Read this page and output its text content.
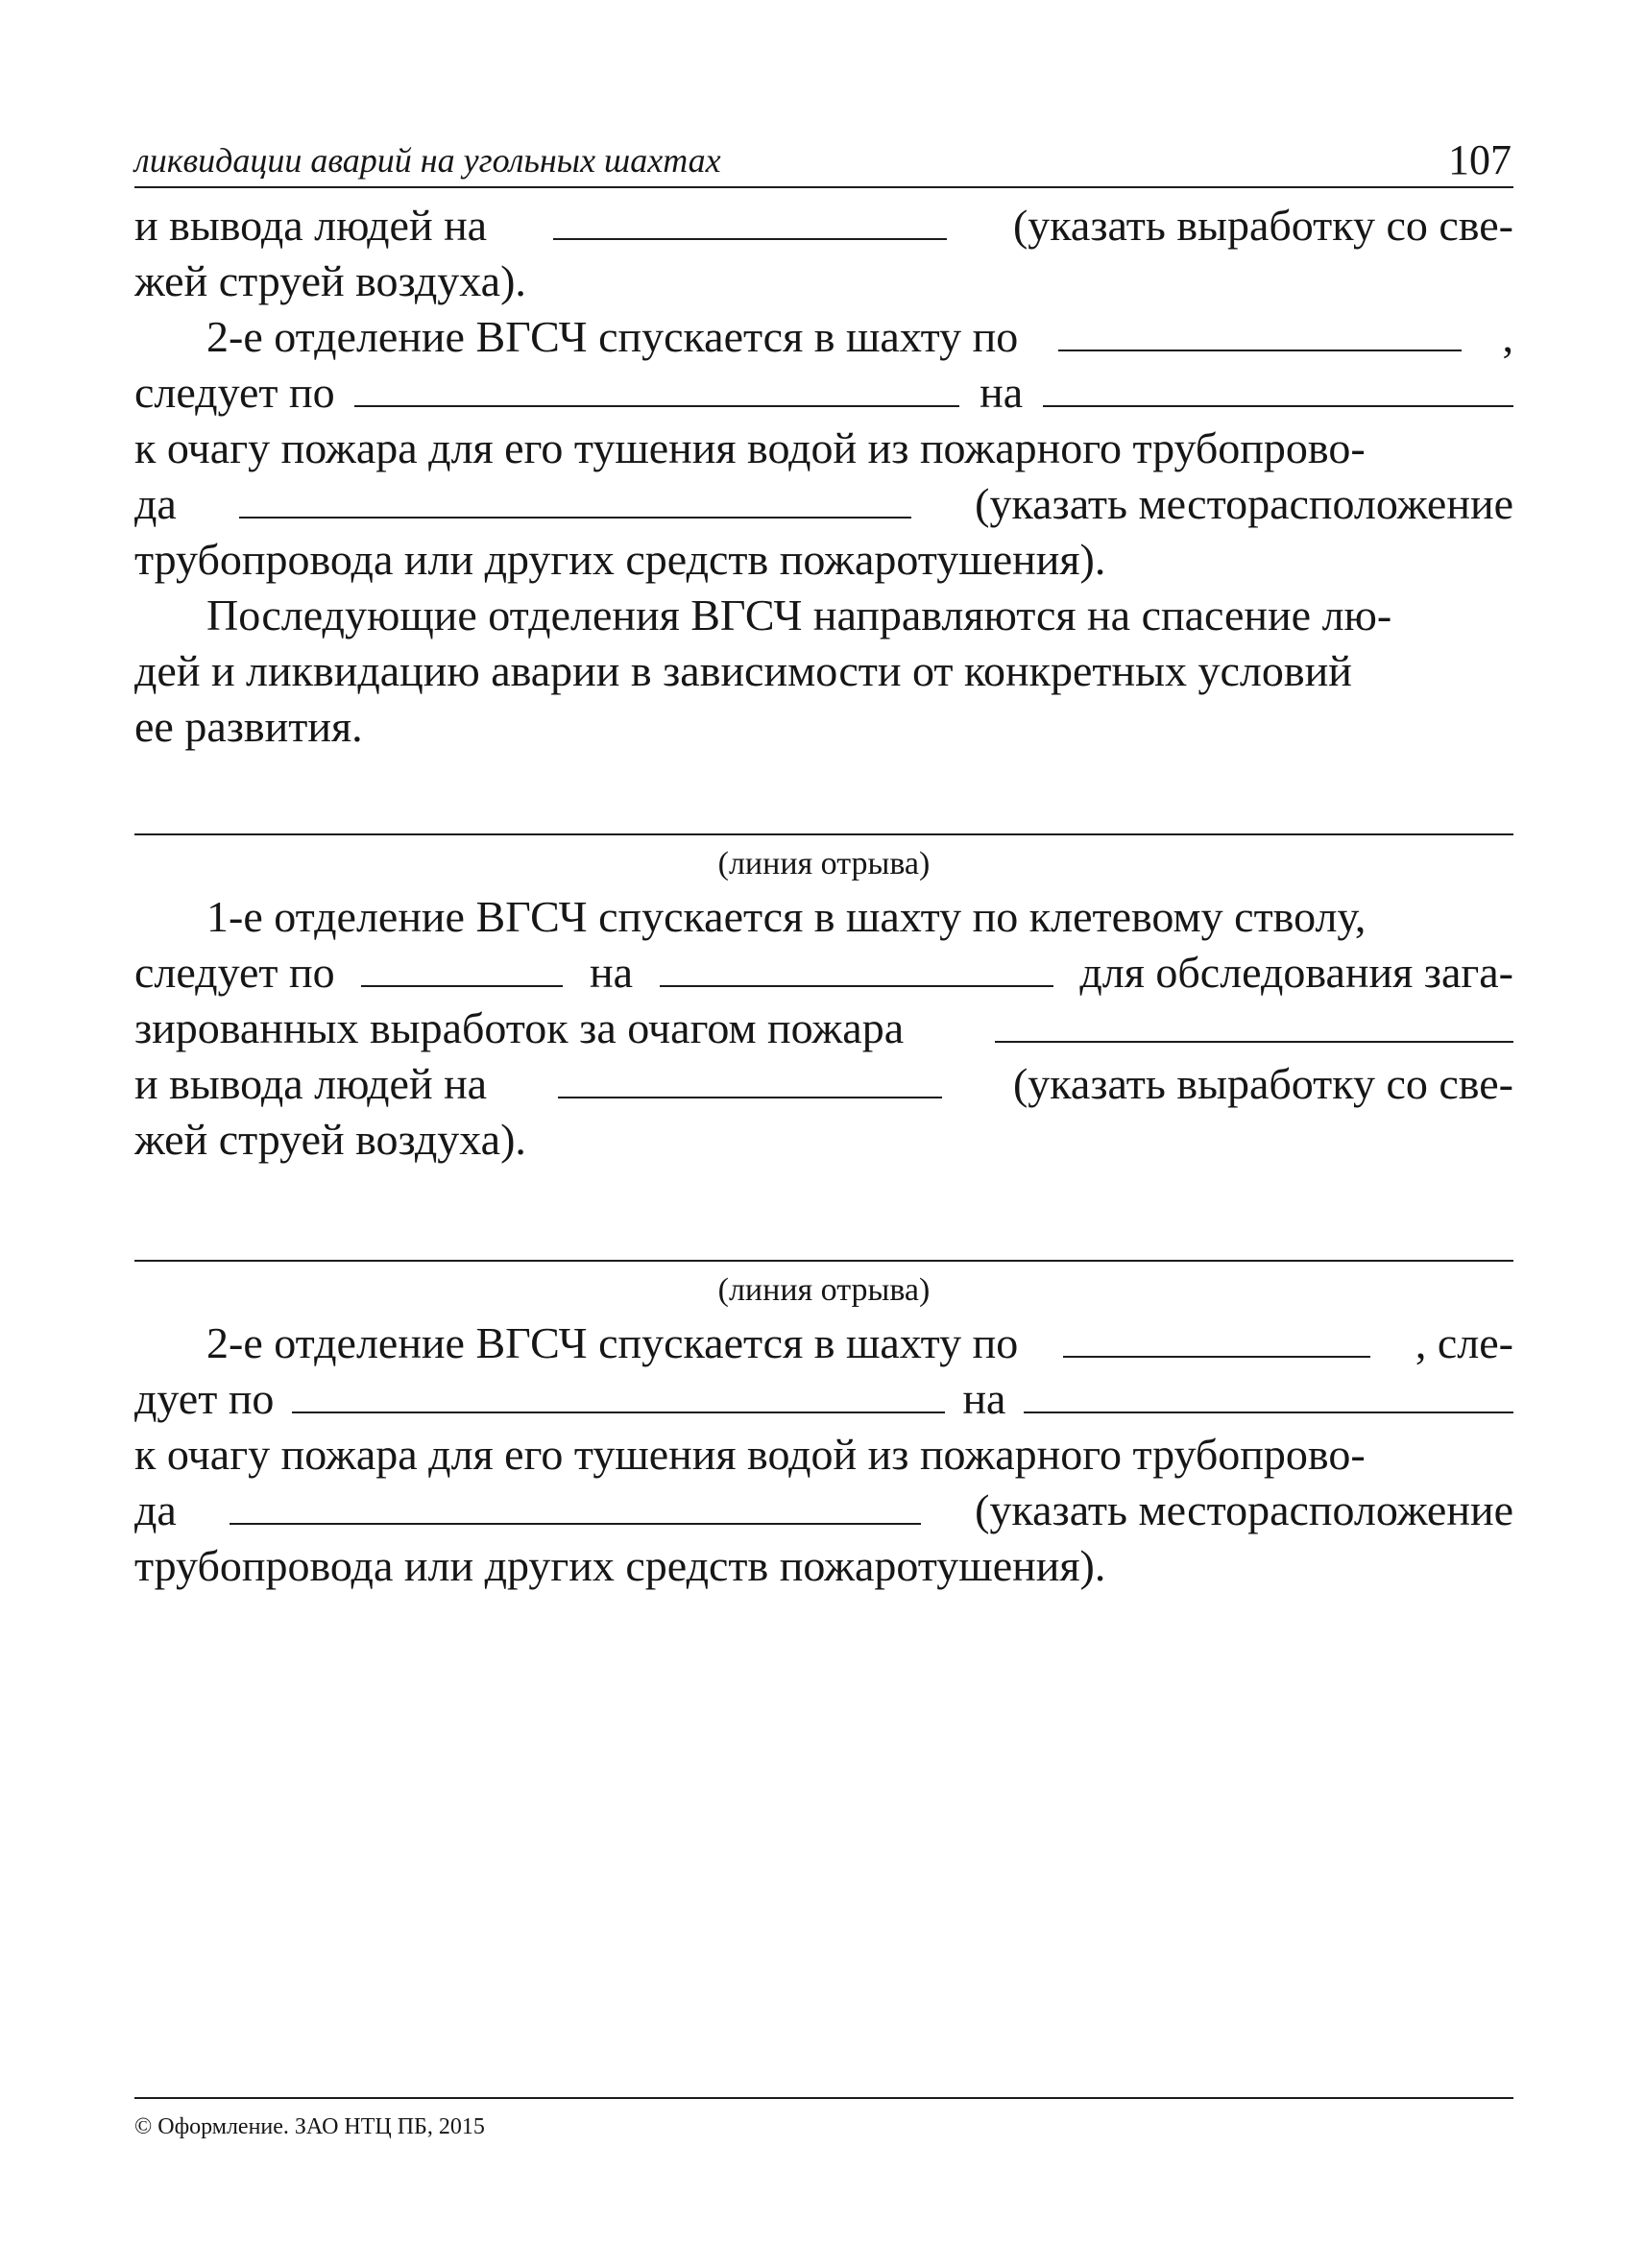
ликвидации аварий на угольных шахтах	107
и вывода людей на	(указать выработку со све-
жей струей воздуха).
2-е отделение ВГСЧ спускается в шахту по	,
следует по	на
к очагу пожара для его тушения водой из пожарного трубопрово-
да	(указать месторасположение
трубопровода или других средств пожаротушения).
Последующие отделения ВГСЧ направляются на спасение лю-
дей и ликвидацию аварии в зависимости от конкретных условий
ее развития.
(линия отрыва)
1-е отделение ВГСЧ спускается в шахту по клетевому стволу,
следует по	на	для обследования зага-
зированных выработок за очагом пожара
и вывода людей на	(указать выработку со све-
жей струей воздуха).
(линия отрыва)
2-е отделение ВГСЧ спускается в шахту по	, сле-
дует по	на
к очагу пожара для его тушения водой из пожарного трубопрово-
да	(указать месторасположение
трубопровода или других средств пожаротушения).
© Оформление. ЗАО НТЦ ПБ, 2015
